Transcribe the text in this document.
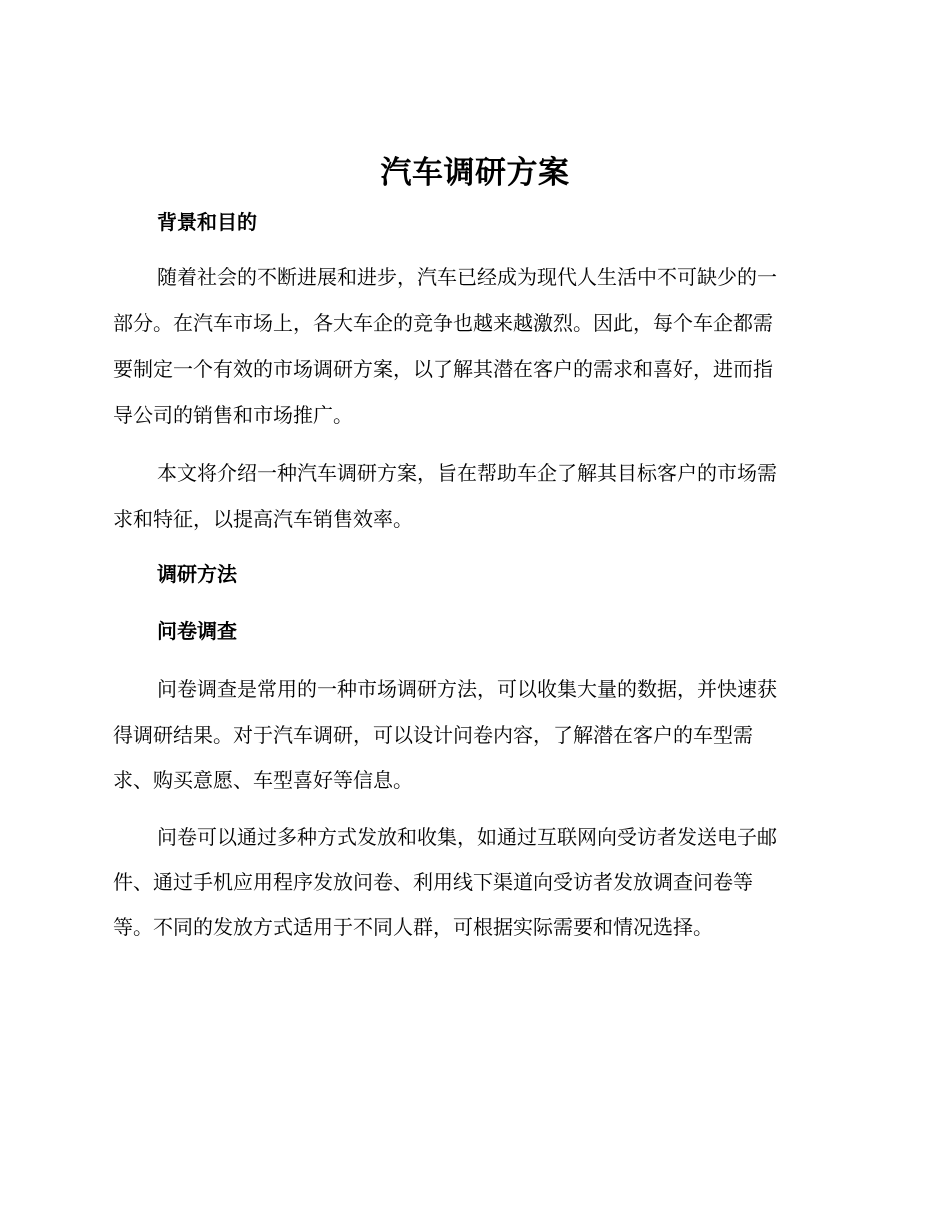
汽车调研方案
背景和目的

随着社会的不断进展和进步，汽车已经成为现代人生活中不可缺少的一

部分。在汽车市场上，各大车企的竞争也越来越激烈。因此，每个车企都需

要制定一个有效的市场调研方案，以了解其潜在客户的需求和喜好，进而指

导公司的销售和市场推广。

本文将介绍一种汽车调研方案，旨在帮助车企了解其目标客户的市场需

求和特征，以提高汽车销售效率。

调研方法
问卷调查

问卷调查是常用的一种市场调研方法，可以收集大量的数据，并快速获

得调研结果。对于汽车调研，可以设计问卷内容，了解潜在客户的车型需

求、购买意愿、车型喜好等信息。

问卷可以通过多种方式发放和收集，如通过互联网向受访者发送电子邮

件、通过手机应用程序发放问卷、利用线下渠道向受访者发放调查问卷等

等。不同的发放方式适用于不同人群，可根据实际需要和情况选择。
